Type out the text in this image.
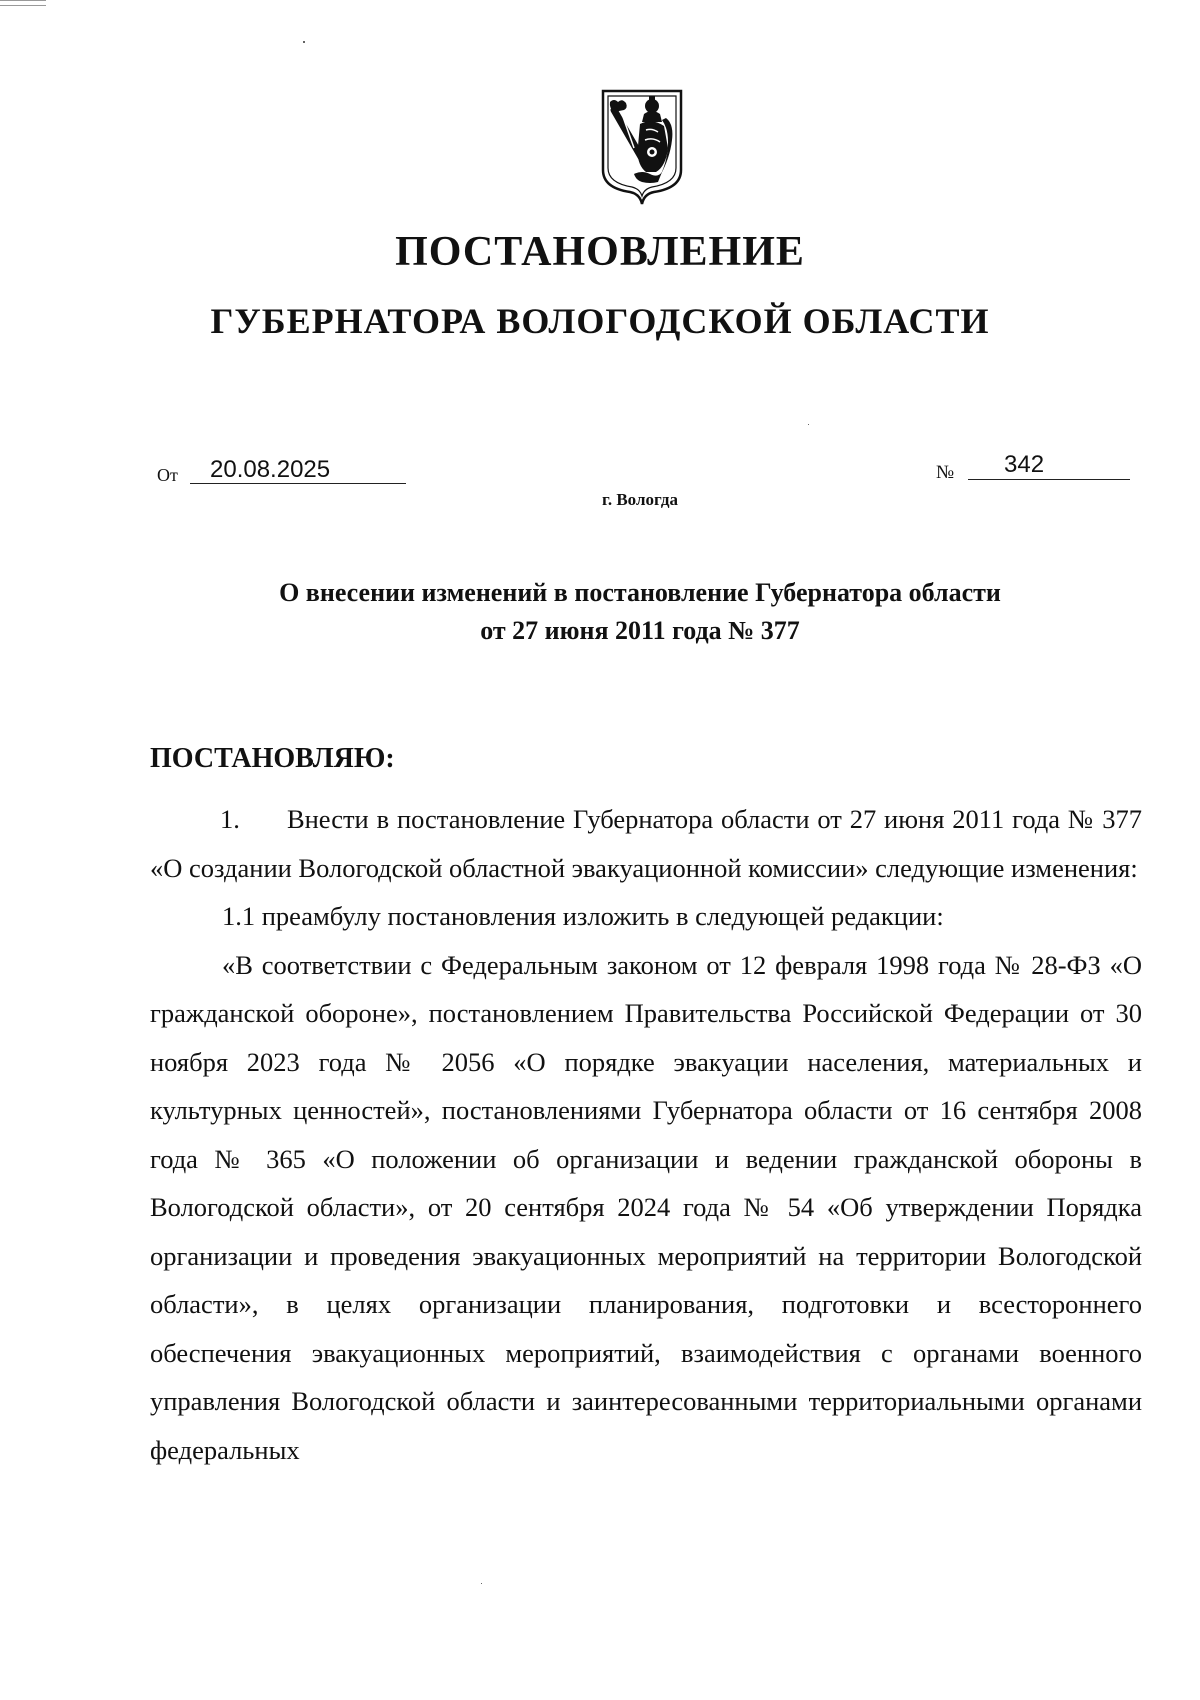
ПОСТАНОВЛЕНИЕ
ГУБЕРНАТОРА ВОЛОГОДСКОЙ ОБЛАСТИ
От 20.08.2025	№ 342
г. Вологда
О внесении изменений в постановление Губернатора области
от 27 июня 2011 года № 377
ПОСТАНОВЛЯЮ:

1.      Внести в постановление Губернатора области от 27 июня 2011 года № 377 «О создании Вологодской областной эвакуационной комиссии» следующие изменения:

1.1 преамбулу постановления изложить в следующей редакции:

«В соответствии с Федеральным законом от 12 февраля 1998 года № 28-ФЗ «О гражданской обороне», постановлением Правительства Российской Федерации от 30 ноября 2023 года № 2056 «О порядке эвакуации населения, материальных и культурных ценностей», постановлениями Губернатора области от 16 сентября 2008 года № 365 «О положении об организации и ведении гражданской обороны в Вологодской области», от 20 сентября 2024 года № 54 «Об утверждении Порядка организации и проведения эвакуационных мероприятий на территории Вологодской области», в целях организации планирования, подготовки и всестороннего обеспечения эвакуационных мероприятий, взаимодействия с органами военного управления Вологодской области и заинтересованными территориальными органами федеральных
